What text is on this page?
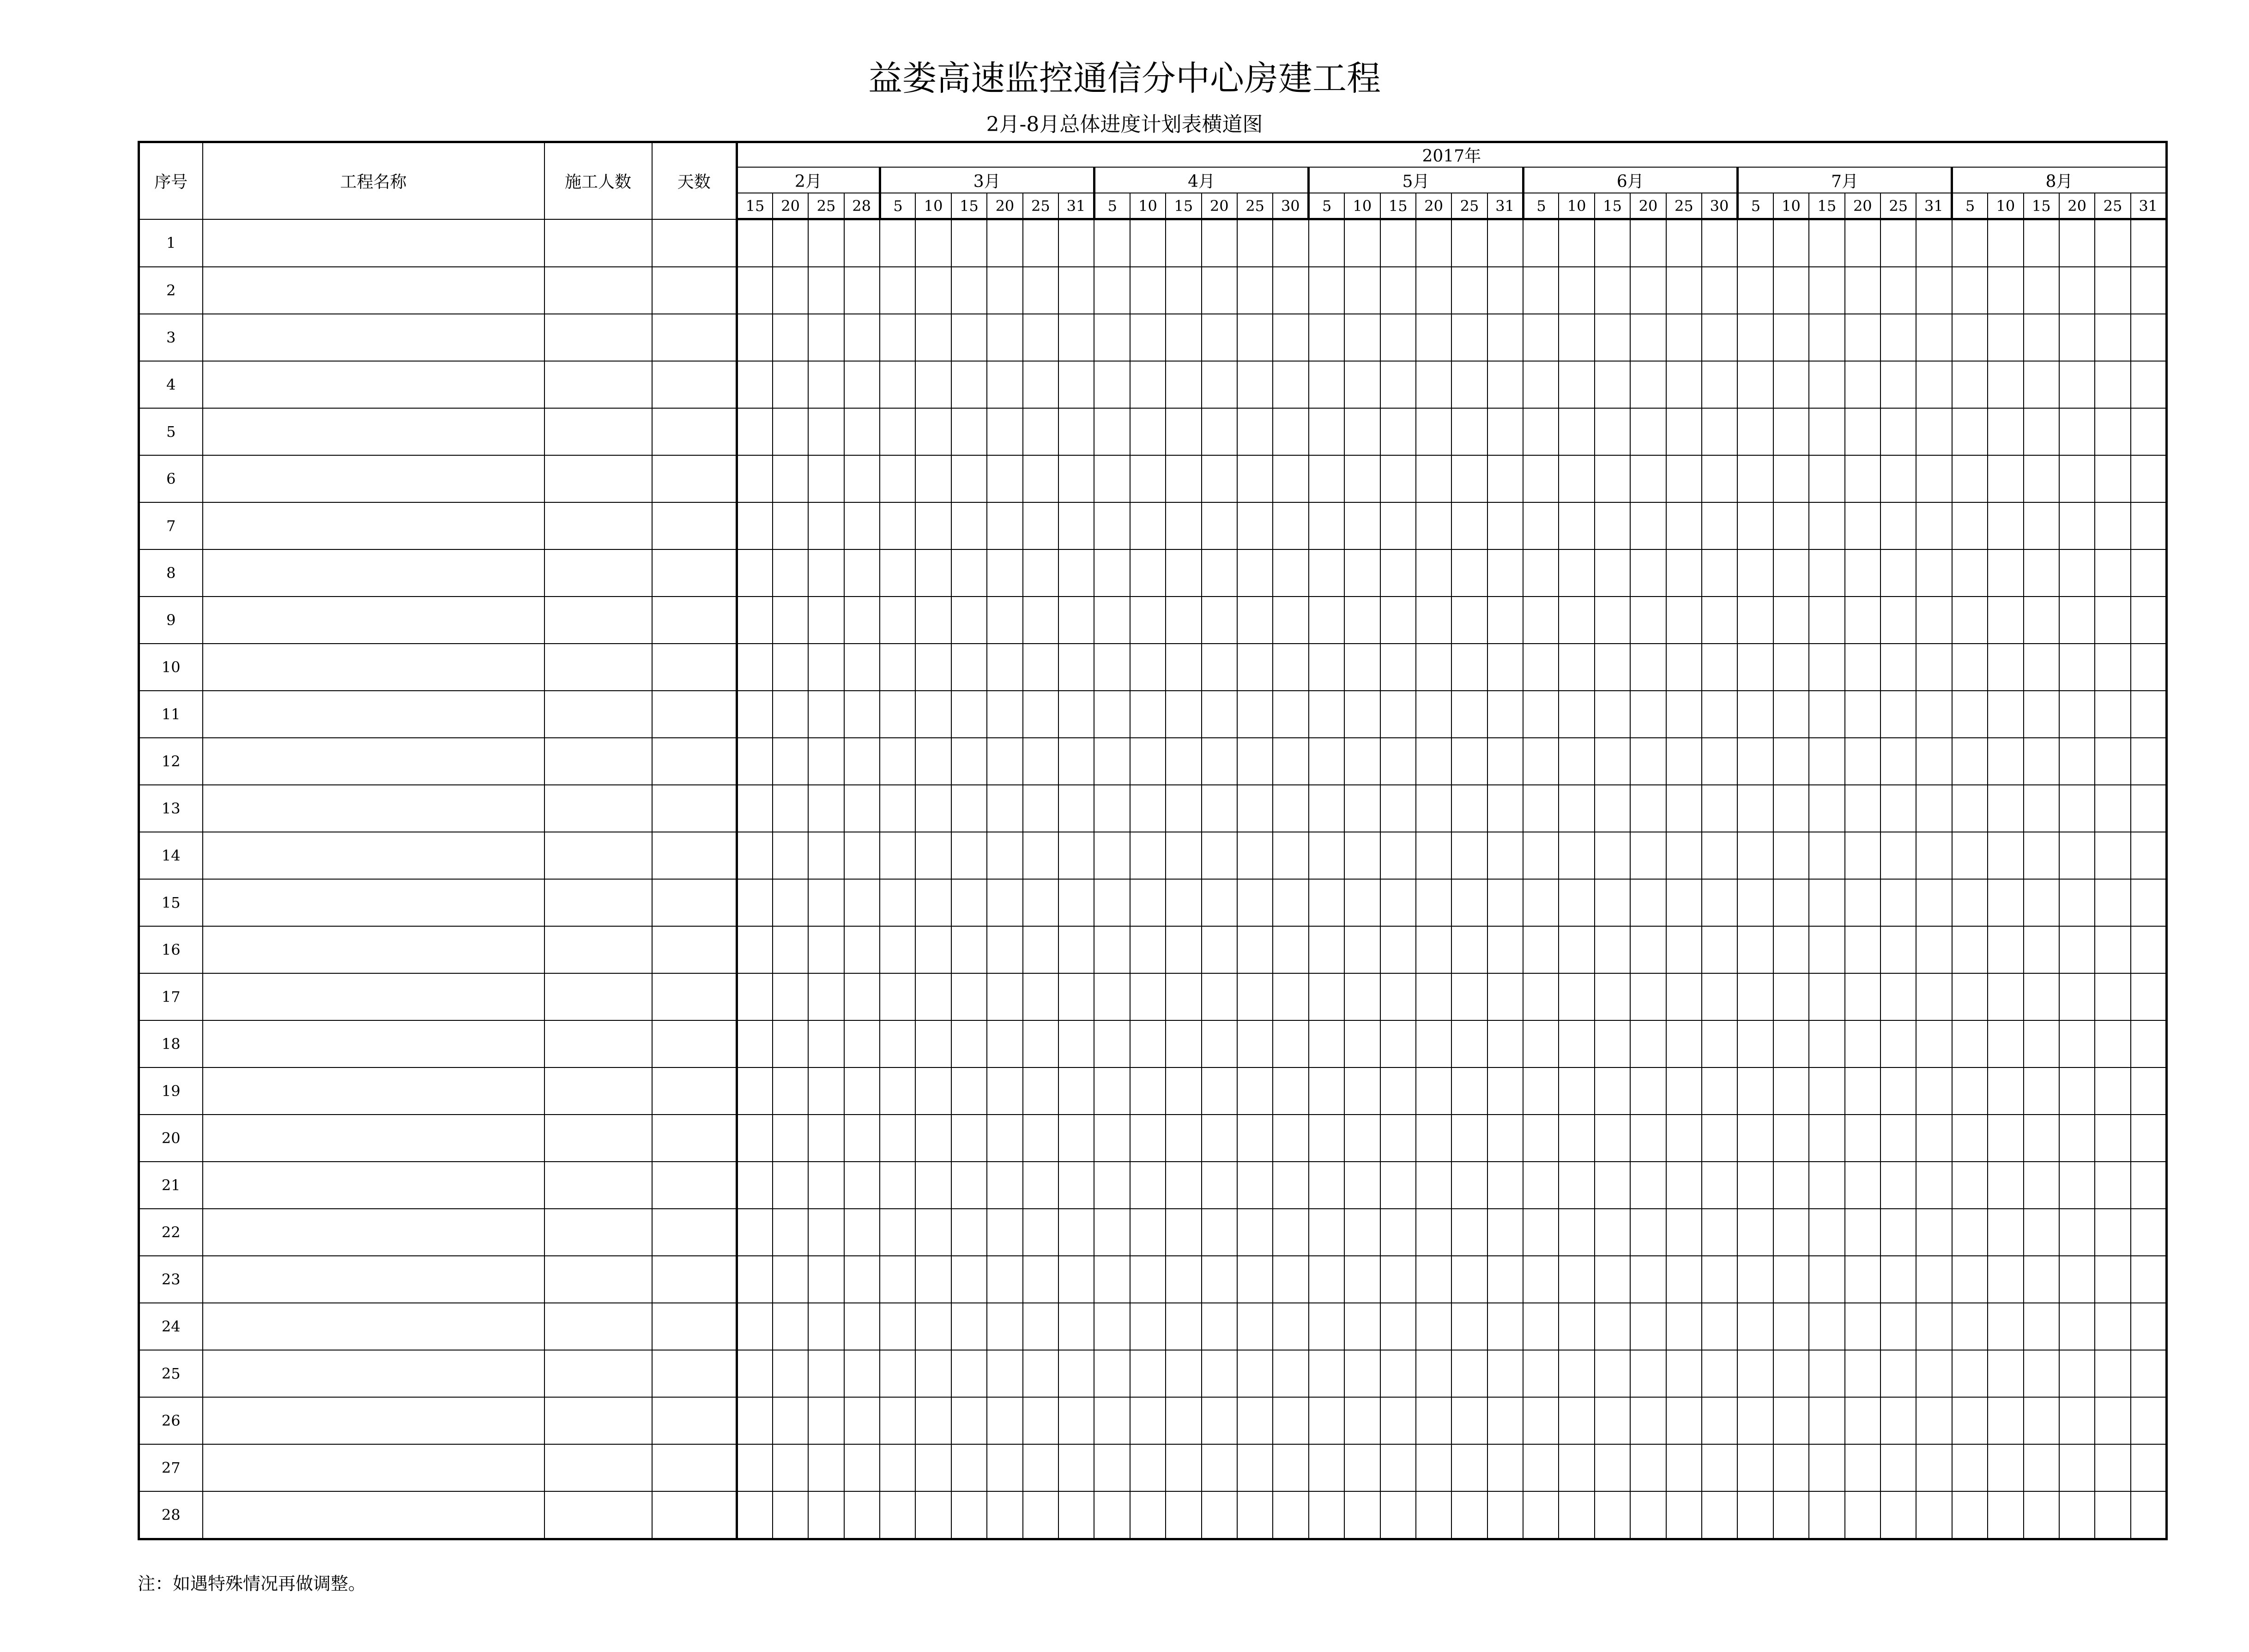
益娄高速监控通信分中心房建工程
2月-8月总体进度计划表横道图
序号	工程名称	施工人数	天数	2017年																																							
				2月				3月						4月						5月						6月						7月						8月					
				15	20	25	28	5	10	15	20	25	31	5	10	15	20	25	30	5	10	15	20	25	31	5	10	15	20	25	30	5	10	15	20	25	31	5	10	15	20	25	31
1																																											
2																																											
3																																											
4																																											
5																																											
6																																											
7																																											
8																																											
9																																											
10																																											
11																																											
12																																											
13																																											
14																																											
15																																											
16																																											
17																																											
18																																											
19																																											
20																																											
21																																											
22																																											
23																																											
24																																											
25																																											
26																																											
27																																											
28																																											
注：如遇特殊情况再做调整。
